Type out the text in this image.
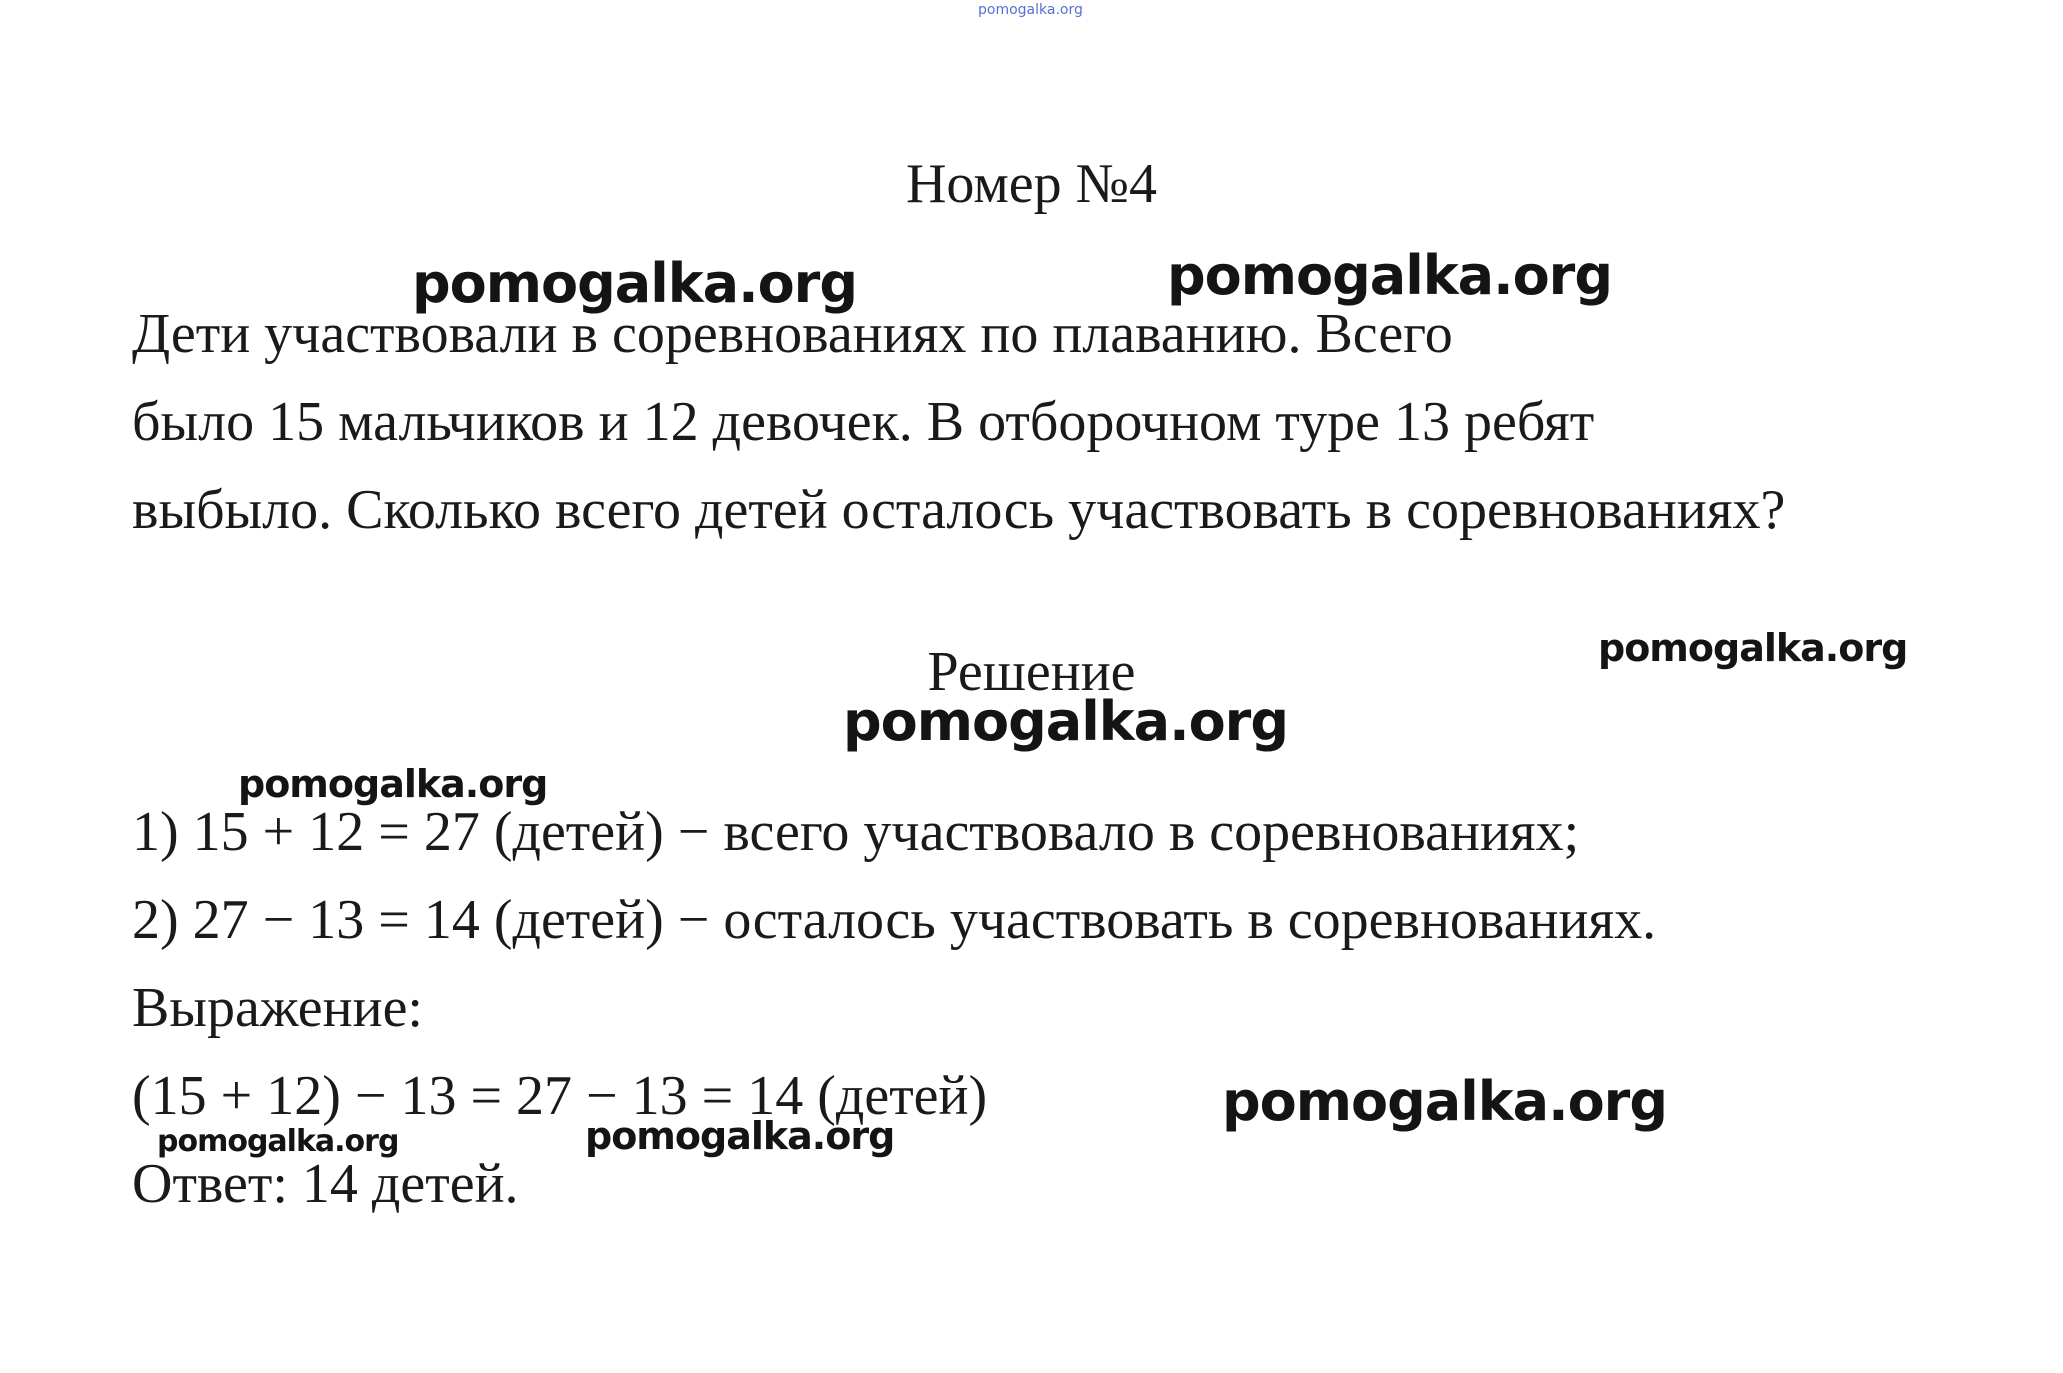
pomogalka.org
Номер №4
pomogalka.org	pomogalka.org
Дети участвовали в соревнованиях по плаванию. Всего
было 15 мальчиков и 12 девочек. В отборочном туре 13 ребят
выбыло. Сколько всего детей осталось участвовать в соревнованиях?
Решение	pomogalka.org
pomogalka.org
pomogalka.org
1) 15 + 12 = 27 (детей) − всего участвовало в соревнованиях;
2) 27 − 13 = 14 (детей) − осталось участвовать в соревнованиях.
Выражение:
(15 + 12) − 13 = 27 − 13 = 14 (детей)	pomogalka.org
pomogalka.org	pomogalka.org
Ответ: 14 детей.
